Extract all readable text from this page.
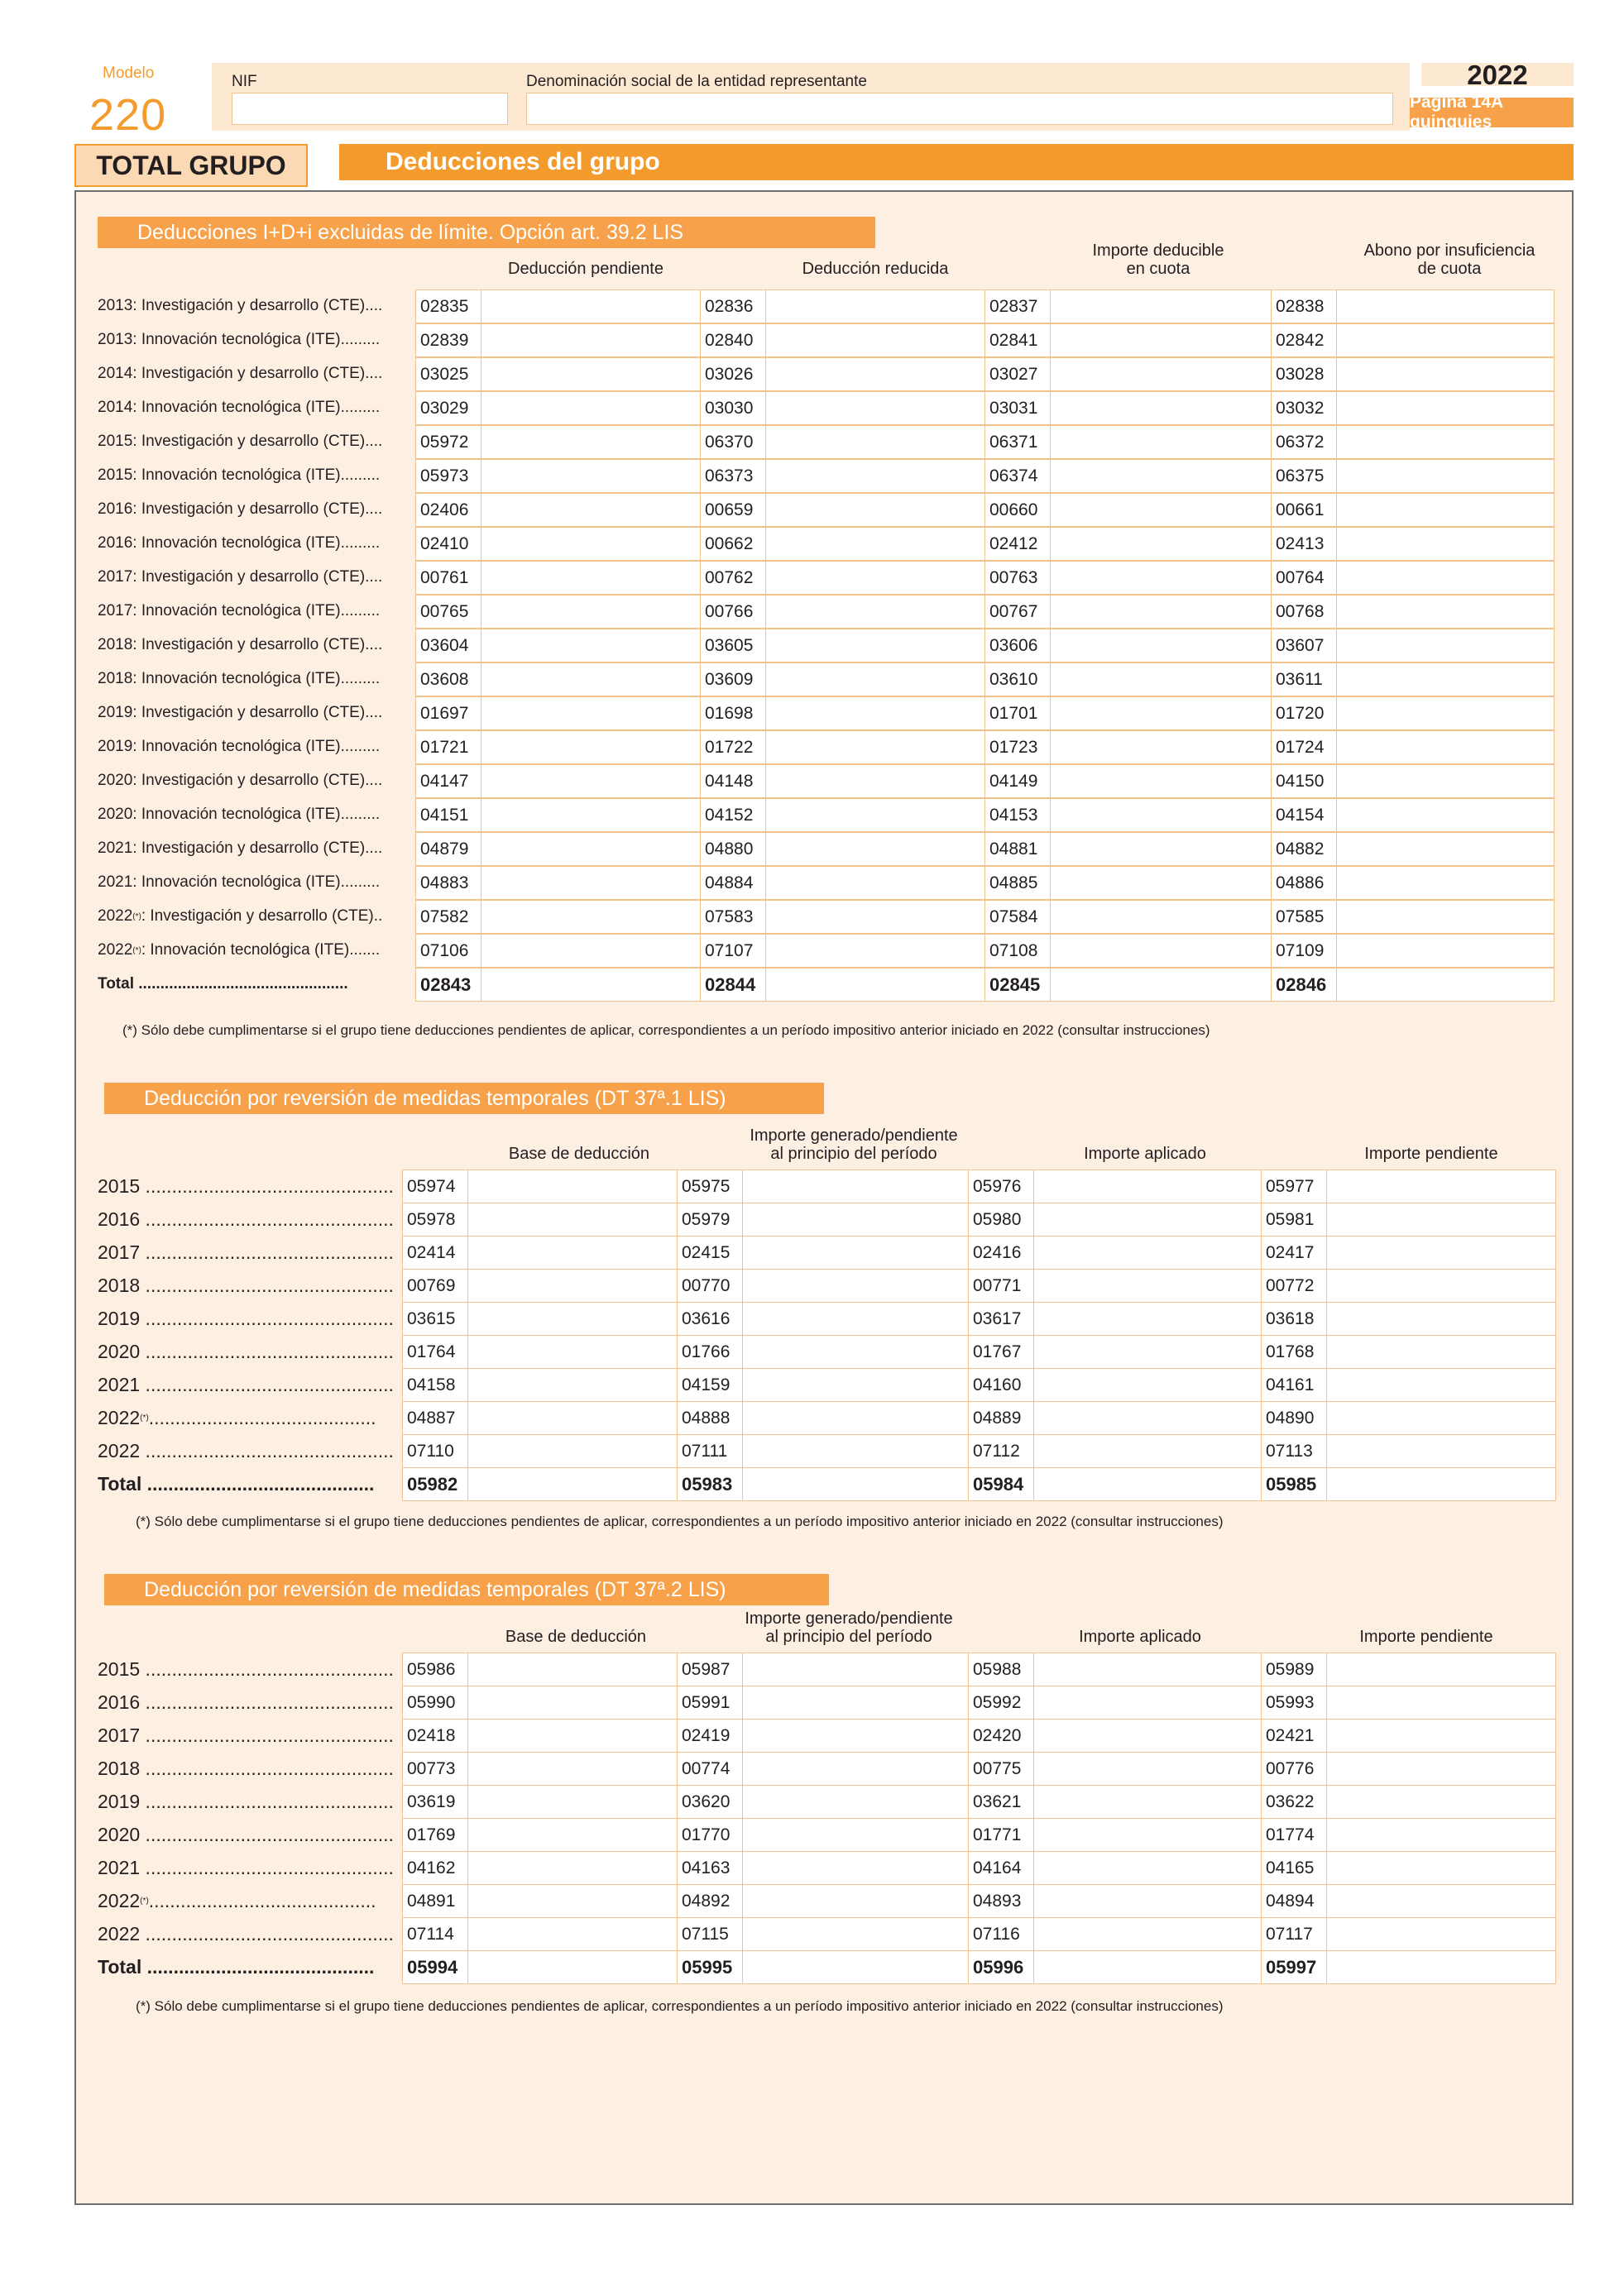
Modelo
220
NIF	Denominación social de la entidad representante	2022
Página 14A quinquies
TOTAL GRUPO	Deducciones del grupo
Deducciones I+D+i excluidas de límite. Opción art. 39.2 LIS
Deducción pendiente	Deducción reducida
Importe deducible
en cuota
Abono por insuficiencia
de cuota
2013: Investigación y desarrollo (CTE)....	02835	02836	02837	02838
2013: Innovación tecnológica (ITE).........	02839	02840	02841	02842
2014: Investigación y desarrollo (CTE)....	03025	03026	03027	03028
2014: Innovación tecnológica (ITE).........	03029	03030	03031	03032
2015: Investigación y desarrollo (CTE)....	05972	06370	06371	06372
2015: Innovación tecnológica (ITE).........	05973	06373	06374	06375
2016: Investigación y desarrollo (CTE)....	02406	00659	00660	00661
2016: Innovación tecnológica (ITE).........	02410	00662	02412	02413
2017: Investigación y desarrollo (CTE)....	00761	00762	00763	00764
2017: Innovación tecnológica (ITE).........	00765	00766	00767	00768
2018: Investigación y desarrollo (CTE)....	03604	03605	03606	03607
2018: Innovación tecnológica (ITE).........	03608	03609	03610	03611
2019: Investigación y desarrollo (CTE)....	01697	01698	01701	01720
2019: Innovación tecnológica (ITE).........	01721	01722	01723	01724
2020: Investigación y desarrollo (CTE)....	04147	04148	04149	04150
2020: Innovación tecnológica (ITE).........	04151	04152	04153	04154
2021: Investigación y desarrollo (CTE)....	04879	04880	04881	04882
2021: Innovación tecnológica (ITE).........	04883	04884	04885	04886
2022 (*) : Investigación y desarrollo (CTE)..	07582	07583	07584	07585
2022 (*) : Innovación tecnológica (ITE).......	07106	07107	07108	07109
Total ................................................	02843	02844	02845	02846
(*) Sólo debe cumplimentarse si el grupo tiene deducciones pendientes de aplicar, correspondientes a un período impositivo anterior iniciado en 2022 (consultar instrucciones)
Deducción por reversión de medidas temporales (DT 37ª.1 LIS)
Base de deducción
Importe generado/pendiente
al principio del período	Importe aplicado	Importe pendiente
2015 ............................................... 05974	05975	05976	05977
2016 ............................................... 05978	05979	05980	05981
2017 ............................................... 02414	02415	02416	02417
2018 ............................................... 00769	00770	00771	00772
2019 ............................................... 03615	03616	03617	03618
2020 ............................................... 01764	01766	01767	01768
2021 ............................................... 04158	04159	04160	04161
2022 (*) ...........................................	04887	04888	04889	04890
2022 ............................................... 07110	07111	07112	07113
Total ...........................................	05982	05983	05984	05985
(*) Sólo debe cumplimentarse si el grupo tiene deducciones pendientes de aplicar, correspondientes a un período impositivo anterior iniciado en 2022 (consultar instrucciones)
Deducción por reversión de medidas temporales (DT 37ª.2 LIS)
Base de deducción
Importe generado/pendiente
al principio del período	Importe aplicado	Importe pendiente
2015 ............................................... 05986	05987	05988	05989
2016 ............................................... 05990	05991	05992	05993
2017 ............................................... 02418	02419	02420	02421
2018 ............................................... 00773	00774	00775	00776
2019 ............................................... 03619	03620	03621	03622
2020 ............................................... 01769	01770	01771	01774
2021 ............................................... 04162	04163	04164	04165
2022 (*) ...........................................	04891	04892	04893	04894
2022 ............................................... 07114	07115	07116	07117
Total ...........................................	05994	05995	05996	05997
(*) Sólo debe cumplimentarse si el grupo tiene deducciones pendientes de aplicar, correspondientes a un período impositivo anterior iniciado en 2022 (consultar instrucciones)
